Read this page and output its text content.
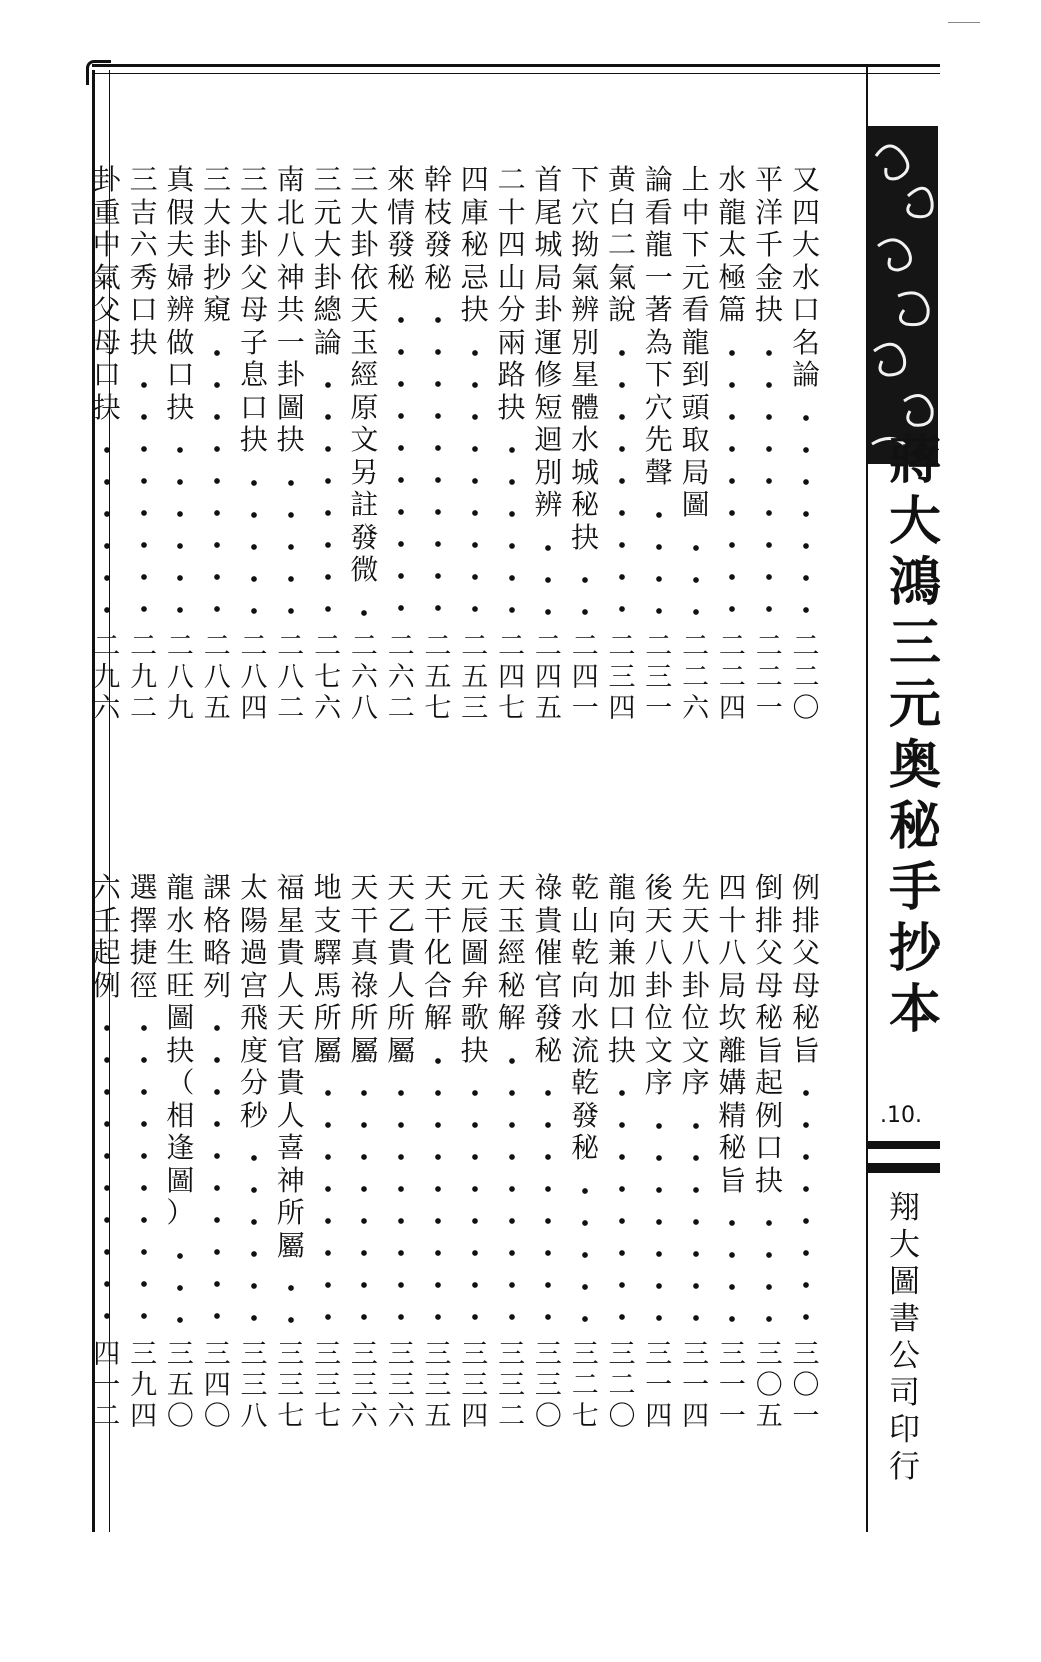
又
四
大
水
口
名
論
二
二
〇
平
洋
千
金
抉
二
二
一
水
龍
太
極
篇
二
二
四
上
中
下
元
看
龍
到
頭
取
局
圖
二
二
六
論
看
龍
一
著
為
下
穴
先
聲
二
三
一
黄
白
二
氣
說
二
三
四
下
穴
拗
氣
辨
別
星
體
水
城
秘
抉
二
四
一
首
尾
城
局
卦
運
修
短
迴
別
辨
二
四
五
二
十
四
山
分
兩
路
抉
二
四
七
四
庫
秘
忌
抉
二
五
三
幹
枝
發
秘
二
五
七
來
情
發
秘
二
六
二
三
大
卦
依
天
玉
經
原
文
另
註
發
微
二
六
八
三
元
大
卦
總
論
二
七
六
南
北
八
神
共
一
卦
圖
抉
二
八
二
三
大
卦
父
母
子
息
口
抉
二
八
四
三
大
卦
抄
窺
二
八
五
真
假
夫
婦
辨
做
口
抉
二
八
九
三
吉
六
秀
口
抉
二
九
二
卦
重
中
氣
父
母
口
抉
二
九
六
例
排
父
母
秘
旨
三
〇
一
倒
排
父
母
秘
旨
起
例
口
抉
三
〇
五
四
十
八
局
坎
離
媾
精
秘
旨
三
一
一
先
天
八
卦
位
文
序
三
一
四
後
天
八
卦
位
文
序
三
一
四
龍
向
兼
加
口
抉
三
二
〇
乾
山
乾
向
水
流
乾
發
秘
三
二
七
祿
貴
催
官
發
秘
三
三
〇
天
玉
經
秘
解
三
三
二
元
辰
圖
弁
歌
抉
三
三
四
天
干
化
合
解
三
三
五
天
乙
貴
人
所
屬
三
三
六
天
干
真
祿
所
屬
三
三
六
地
支
驛
馬
所
屬
三
三
七
福
星
貴
人
天
官
貴
人
喜
神
所
屬
三
三
七
太
陽
過
宫
飛
度
分
秒
三
三
八
課
格
略
列
三
四
〇
龍
水
生
旺
圖
抉
（
相
逢
圖
）
三
五
〇
選
擇
捷
徑
三
九
四
六
壬
起
例
四
一
二
蔣
大
鴻
三
元
奥
秘
手
抄
本
.10.
翔
大
圖
書
公
司
印
行
